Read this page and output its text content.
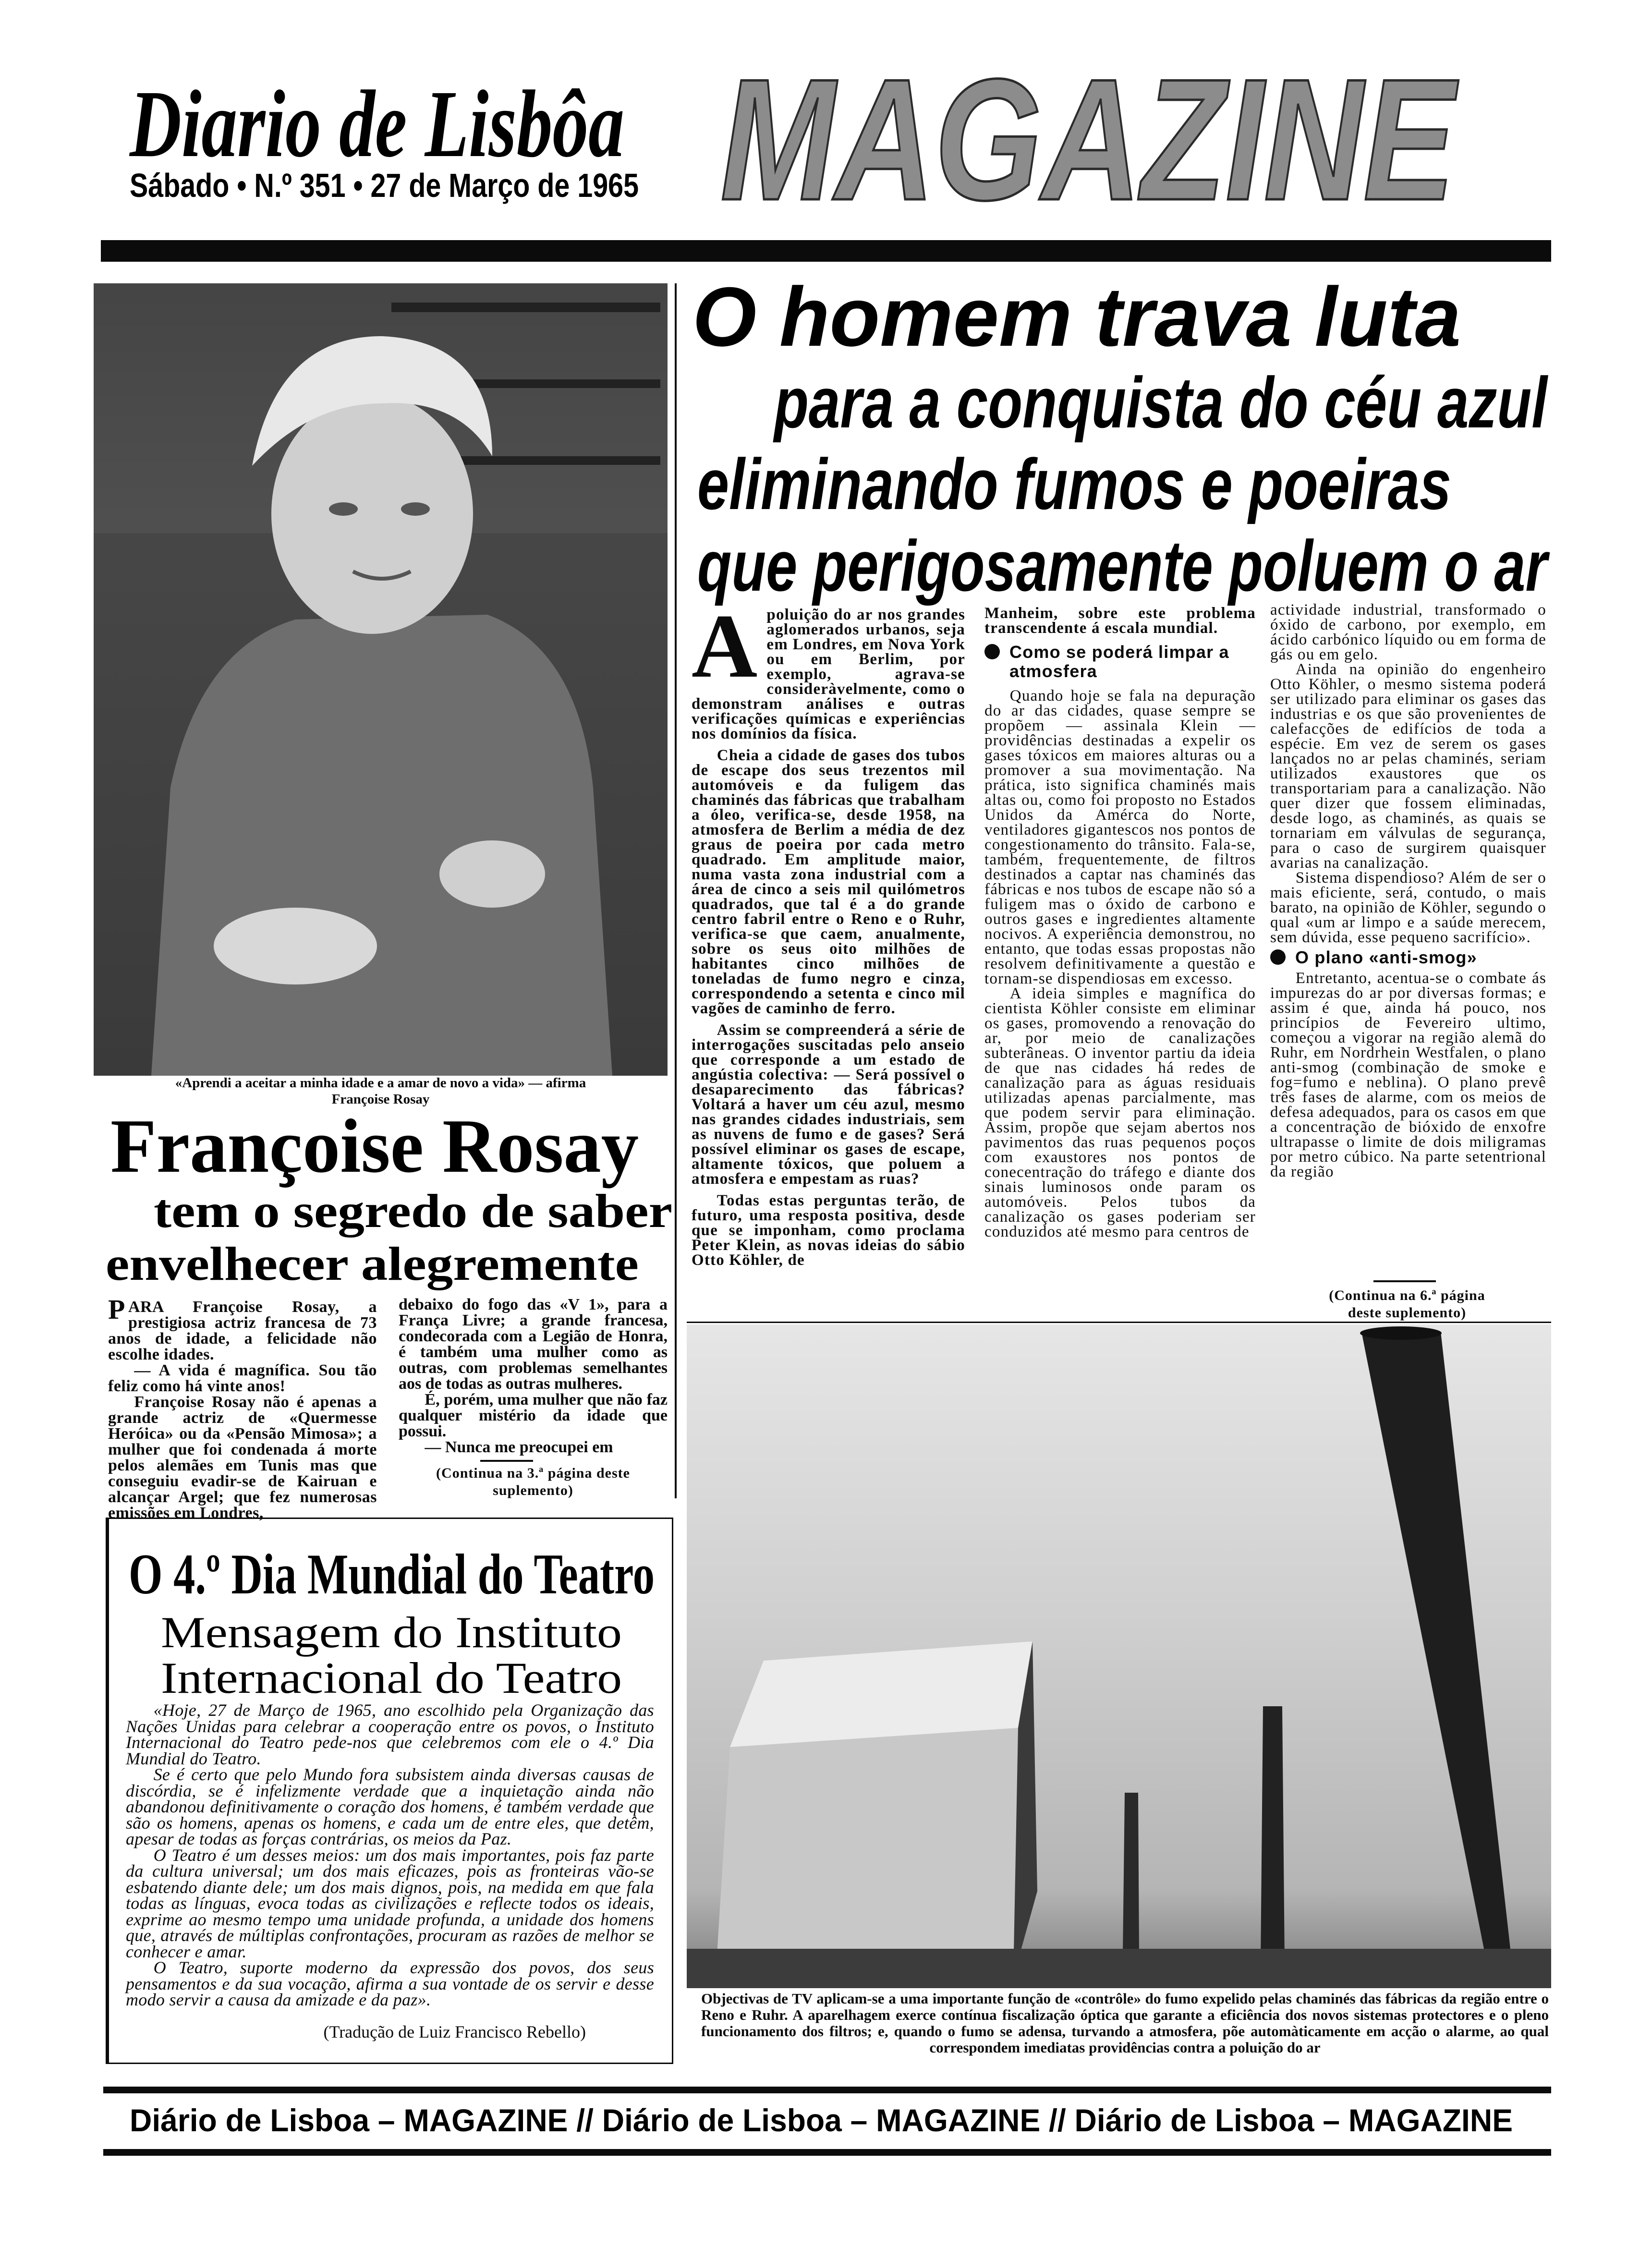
Diario de Lisbôa
Sábado • N.º 351 • 27 de Março de 1965 MAGAZINE
«Aprendi a aceitar a minha idade e a amar de novo a vida» — afirma
Françoise Rosay
Françoise Rosay
tem o segredo de saber
envelhecer alegremente

PARA Françoise Rosay, a prestigiosa actriz francesa de 73 anos de idade, a felicidade não escolhe idades.

— A vida é magnífica. Sou tão feliz como há vinte anos!

Françoise Rosay não é apenas a grande actriz de «Quermesse Heróica» ou da «Pensão Mimosa»; a mulher que foi condenada á morte pelos alemães em Tunis mas que conseguiu evadir-se de Kairuan e alcançar Argel; que fez numerosas emissões em Londres,

debaixo do fogo das «V 1», para a França Livre; a grande francesa, condecorada com a Legião de Honra, é também uma mulher como as outras, com problemas semelhantes aos de todas as outras mulheres.

É, porém, uma mulher que não faz qualquer mistério da idade que possui.

— Nunca me preocupei em

(Continua na 3.ª página deste suplemento)
O 4.º Dia Mundial do Teatro
Mensagem do Instituto
Internacional do Teatro

«Hoje, 27 de Março de 1965, ano escolhido pela Organização das Nações Unidas para celebrar a cooperação entre os povos, o Instituto Internacional do Teatro pede-nos que celebremos com ele o 4.º Dia Mundial do Teatro.

Se é certo que pelo Mundo fora subsistem ainda diversas causas de discórdia, se é infelizmente verdade que a inquietação ainda não abandonou definitivamente o coração dos homens, é também verdade que são os homens, apenas os homens, e cada um de entre eles, que detêm, apesar de todas as forças contrárias, os meios da Paz.

O Teatro é um desses meios: um dos mais importantes, pois faz parte da cultura universal; um dos mais eficazes, pois as fronteiras vão-se esbatendo diante dele; um dos mais dignos, pois, na medida em que fala todas as línguas, evoca todas as civilizações e reflecte todos os ideais, exprime ao mesmo tempo uma unidade profunda, a unidade dos homens que, através de múltiplas confrontações, procuram as razões de melhor se conhecer e amar.

O Teatro, suporte moderno da expressão dos povos, dos seus pensamentos e da sua vocação, afirma a sua vontade de os servir e desse modo servir a causa da amizade e da paz».

(Tradução de Luiz Francisco Rebello)
O homem trava luta
para a conquista do céu azul
eliminando fumos e poeiras
que perigosamente poluem o ar

Apoluição do ar nos grandes aglomerados urbanos, seja em Londres, em Nova York ou em Berlim, por exemplo, agrava-se consideràvelmente, como o demonstram análises e outras verificações químicas e experiências nos domínios da física.

Cheia a cidade de gases dos tubos de escape dos seus trezentos mil automóveis e da fuligem das chaminés das fábricas que trabalham a óleo, verifica-se, desde 1958, na atmosfera de Berlim a média de dez graus de poeira por cada metro quadrado. Em amplitude maior, numa vasta zona industrial com a área de cinco a seis mil quilómetros quadrados, que tal é a do grande centro fabril entre o Reno e o Ruhr, verifica-se que caem, anualmente, sobre os seus oito milhões de habitantes cinco milhões de toneladas de fumo negro e cinza, correspondendo a setenta e cinco mil vagões de caminho de ferro.

Assim se compreenderá a série de interrogações suscitadas pelo anseio que corresponde a um estado de angústia colectiva: — Será possível o desaparecimento das fábricas? Voltará a haver um céu azul, mesmo nas grandes cidades industriais, sem as nuvens de fumo e de gases? Será possível eliminar os gases de escape, altamente tóxicos, que poluem a atmosfera e empestam as ruas?

Todas estas perguntas terão, de futuro, uma resposta positiva, desde que se imponham, como proclama Peter Klein, as novas ideias do sábio Otto Köhler, de

Manheim, sobre este problema transcendente á escala mundial.

Como se poderá limpar a atmosfera

Quando hoje se fala na depuração do ar das cidades, quase sempre se propõem — assinala Klein — providências destinadas a expelir os gases tóxicos em maiores alturas ou a promover a sua movimentação. Na prática, isto significa chaminés mais altas ou, como foi proposto no Estados Unidos da Amérca do Norte, ventiladores gigantescos nos pontos de congestionamento do trânsito. Fala-se, também, frequentemente, de filtros destinados a captar nas chaminés das fábricas e nos tubos de escape não só a fuligem mas o óxido de carbono e outros gases e ingredientes altamente nocivos. A experiência demonstrou, no entanto, que todas essas propostas não resolvem definitivamente a questão e tornam-se dispendiosas em excesso.

A ideia simples e magnífica do cientista Köhler consiste em eliminar os gases, promovendo a renovação do ar, por meio de canalizações subterâneas. O inventor partiu da ideia de que nas cidades há redes de canalização para as águas residuais utilizadas apenas parcialmente, mas que podem servir para eliminação. Assim, propõe que sejam abertos nos pavimentos das ruas pequenos poços com exaustores nos pontos de conecentração do tráfego e diante dos sinais luminosos onde param os automóveis. Pelos tubos da canalização os gases poderiam ser conduzidos até mesmo para centros de

actividade industrial, transformado o óxido de carbono, por exemplo, em ácido carbónico líquido ou em forma de gás ou em gelo.

Ainda na opinião do engenheiro Otto Köhler, o mesmo sistema poderá ser utilizado para eliminar os gases das industrias e os que são provenientes de calefacções de edifícios de toda a espécie. Em vez de serem os gases lançados no ar pelas chaminés, seriam utilizados exaustores que os transportariam para a canalização. Não quer dizer que fossem eliminadas, desde logo, as chaminés, as quais se tornariam em válvulas de segurança, para o caso de surgirem quaisquer avarias na canalização.

Sistema dispendioso? Além de ser o mais eficiente, será, contudo, o mais barato, na opinião de Köhler, segundo o qual «um ar limpo e a saúde merecem, sem dúvida, esse pequeno sacrifício».

O plano «anti-smog»

Entretanto, acentua-se o combate ás impurezas do ar por diversas formas; e assim é que, ainda há pouco, nos princípios de Fevereiro ultimo, começou a vigorar na região alemã do Ruhr, em Nordrhein Westfalen, o plano anti-smog (combinação de smoke e fog=fumo e neblina). O plano prevê três fases de alarme, com os meios de defesa adequados, para os casos em que a concentração de bióxido de enxofre ultrapasse o limite de dois miligramas por metro cúbico. Na parte setentrional da região

(Continua na 6.ª página
deste suplemento)
Objectivas de TV aplicam-se a uma importante função de «contrôle» do fumo expelido pelas chaminés das fábricas da região entre o Reno e Ruhr. A aparelhagem exerce contínua fiscalização óptica que garante a eficiência dos novos sistemas protectores e o pleno funcionamento dos filtros; e, quando o fumo se adensa, turvando a atmosfera, põe automàticamente em acção o alarme, ao qual correspondem imediatas providências contra a poluição do ar
Diário de Lisboa – MAGAZINE // Diário de Lisboa – MAGAZINE // Diário de Lisboa – MAGAZINE
